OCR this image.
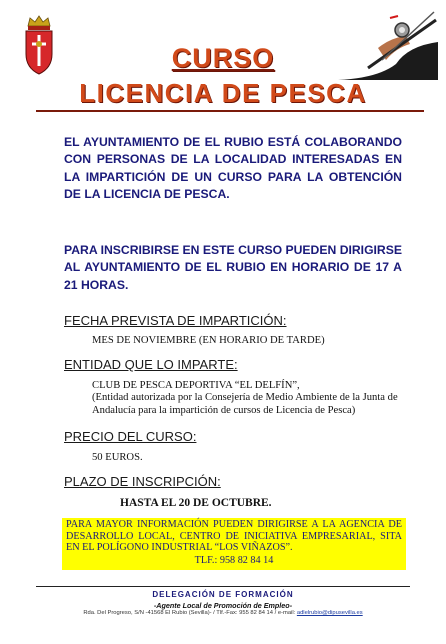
CURSO
LICENCIA DE PESCA

EL AYUNTAMIENTO DE EL RUBIO ESTÁ COLABORANDO CON PERSONAS DE LA LOCALIDAD INTERESADAS EN LA IMPARTICIÓN DE UN CURSO PARA LA OBTENCIÓN DE LA LICENCIA DE PESCA.

PARA INSCRIBIRSE EN ESTE CURSO PUEDEN DIRIGIRSE AL AYUNTAMIENTO DE EL RUBIO EN HORARIO DE 17 A 21 HORAS.

FECHA PREVISTA DE IMPARTICIÓN:
MES DE NOVIEMBRE (EN HORARIO DE TARDE)
ENTIDAD QUE LO IMPARTE:
CLUB DE PESCA DEPORTIVA “EL DELFÍN”,
(Entidad autorizada por la Consejería de Medio Ambiente de la Junta de Andalucía para la impartición de cursos de Licencia de Pesca)
PRECIO DEL CURSO:
50 EUROS.
PLAZO DE INSCRIPCIÓN:
HASTA EL 20 DE OCTUBRE.
PARA MAYOR INFORMACIÓN PUEDEN DIRIGIRSE A LA AGENCIA DE DESARROLLO LOCAL, CENTRO DE INICIATIVA EMPRESARIAL, SITA EN EL POLÍGONO INDUSTRIAL “LOS VIÑAZOS”.
TLF.: 958 82 84 14
DELEGACIÓN DE FORMACIÓN
-Agente Local de Promoción de Empleo-
Rda. Del Progreso, S/N -41568 El Rubio (Sevilla)- / Tlf.-Fax: 955 82 84 14 / e-mail: adlelrubio@dipusevilla.es
